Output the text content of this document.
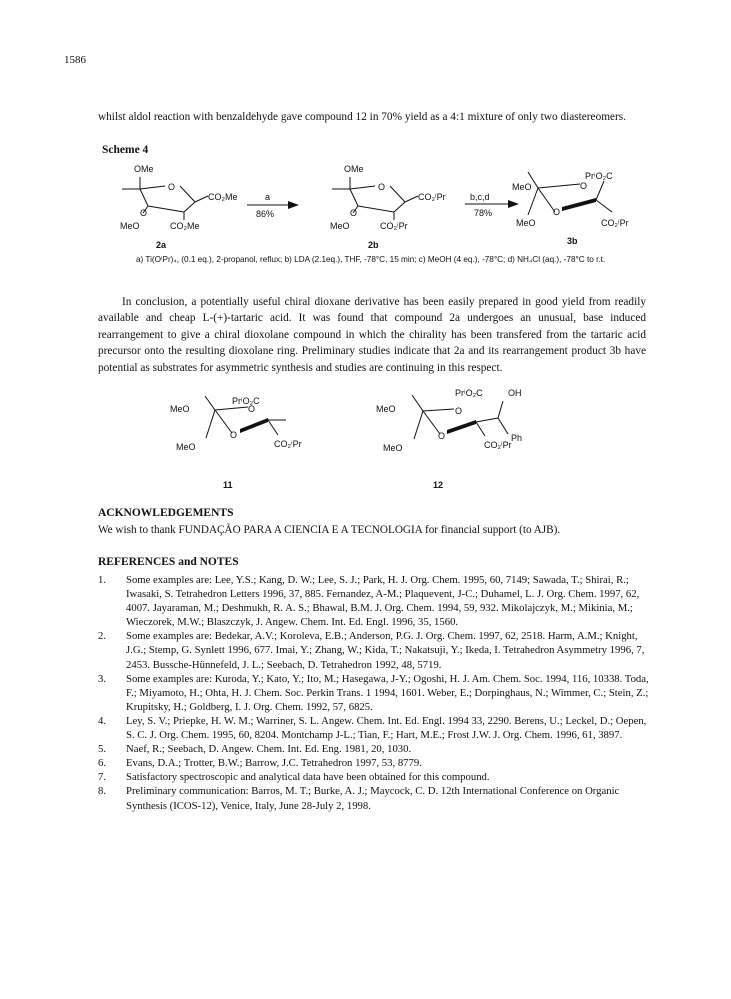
1586
whilst aldol reaction with benzaldehyde gave compound 12 in 70% yield as a 4:1 mixture of only two diastereomers.
Scheme 4
OMe
CO₂Me
O
O
MeO	CO₂Me
2a
a
86%
OMe
CO₂ⁱPr
O
O
MeO	CO₂ⁱPr
2b
b,c,d
78%
PrⁱO₂C
MeO	O
O
MeO	CO₂ⁱPr
3b
PrⁱO₂C
MeO	O
O
MeO	CO₂ⁱPr
11
PrⁱO₂C	OH
MeO	O
O	Ph
MeO	CO₂ⁱPr
12
a) Ti(OⁱPr)₄, (0.1 eq.), 2-propanol, reflux; b) LDA (2.1eq.), THF, -78°C, 15 min; c) MeOH (4 eq.), -78°C; d) NH₄Cl (aq.), -78°C to r.t.
In conclusion, a potentially useful chiral dioxane derivative has been easily prepared in good yield from readily available and cheap L-(+)-tartaric acid. It was found that compound 2a undergoes an unusual, base induced rearrangement to give a chiral dioxolane compound in which the chirality has been transfered from the tartaric acid precursor onto the resulting dioxolane ring. Preliminary studies indicate that 2a and its rearrangement product 3b have potential as substrates for asymmetric synthesis and studies are continuing in this respect.
ACKNOWLEDGEMENTS
We wish to thank FUNDAÇÃO PARA A CIENCIA E A TECNOLOGIA for financial support (to AJB).
REFERENCES and NOTES
1. Some examples are: Lee, Y.S.; Kang, D. W.; Lee, S. J.; Park, H. J. Org. Chem. 1995, 60, 7149; Sawada, T.; Shirai, R.; Iwasaki, S. Tetrahedron Letters 1996, 37, 885. Fernandez, A-M.; Plaquevent, J-C.; Duhamel, L. J. Org. Chem. 1997, 62, 4007. Jayaraman, M.; Deshmukh, R. A. S.; Bhawal, B.M. J. Org. Chem. 1994, 59, 932. Mikolajczyk, M.; Mikinia, M.; Wieczorek, M.W.; Blaszczyk, J. Angew. Chem. Int. Ed. Engl. 1996, 35, 1560.
2. Some examples are: Bedekar, A.V.; Koroleva, E.B.; Anderson, P.G. J. Org. Chem. 1997, 62, 2518. Harm, A.M.; Knight, J.G.; Stemp, G. Synlett 1996, 677. Imai, Y.; Zhang, W.; Kida, T.; Nakatsuji, Y.; Ikeda, I. Tetrahedron Asymmetry 1996, 7, 2453. Bussche-Hünnefeld, J. L.; Seebach, D. Tetrahedron 1992, 48, 5719.
3. Some examples are: Kuroda, Y.; Kato, Y.; Ito, M.; Hasegawa, J-Y.; Ogoshi, H. J. Am. Chem. Soc. 1994, 116, 10338. Toda, F.; Miyamoto, H.; Ohta, H. J. Chem. Soc. Perkin Trans. 1 1994, 1601. Weber, E.; Dorpinghaus, N.; Wimmer, C.; Stein, Z.; Krupitsky, H.; Goldberg, I. J. Org. Chem. 1992, 57, 6825.
4. Ley, S. V.; Priepke, H. W. M.; Warriner, S. L. Angew. Chem. Int. Ed. Engl. 1994 33, 2290. Berens, U.; Leckel, D.; Oepen, S. C. J. Org. Chem. 1995, 60, 8204. Montchamp J-L.; Tian, F.; Hart, M.E.; Frost J.W. J. Org. Chem. 1996, 61, 3897.
5. Naef, R.; Seebach, D. Angew. Chem. Int. Ed. Eng. 1981, 20, 1030.
6. Evans, D.A.; Trotter, B.W.; Barrow, J.C. Tetrahedron 1997, 53, 8779.
7. Satisfactory spectroscopic and analytical data have been obtained for this compound.
8. Preliminary communication: Barros, M. T.; Burke, A. J.; Maycock, C. D. 12th International Conference on Organic Synthesis (ICOS-12), Venice, Italy, June 28-July 2, 1998.
